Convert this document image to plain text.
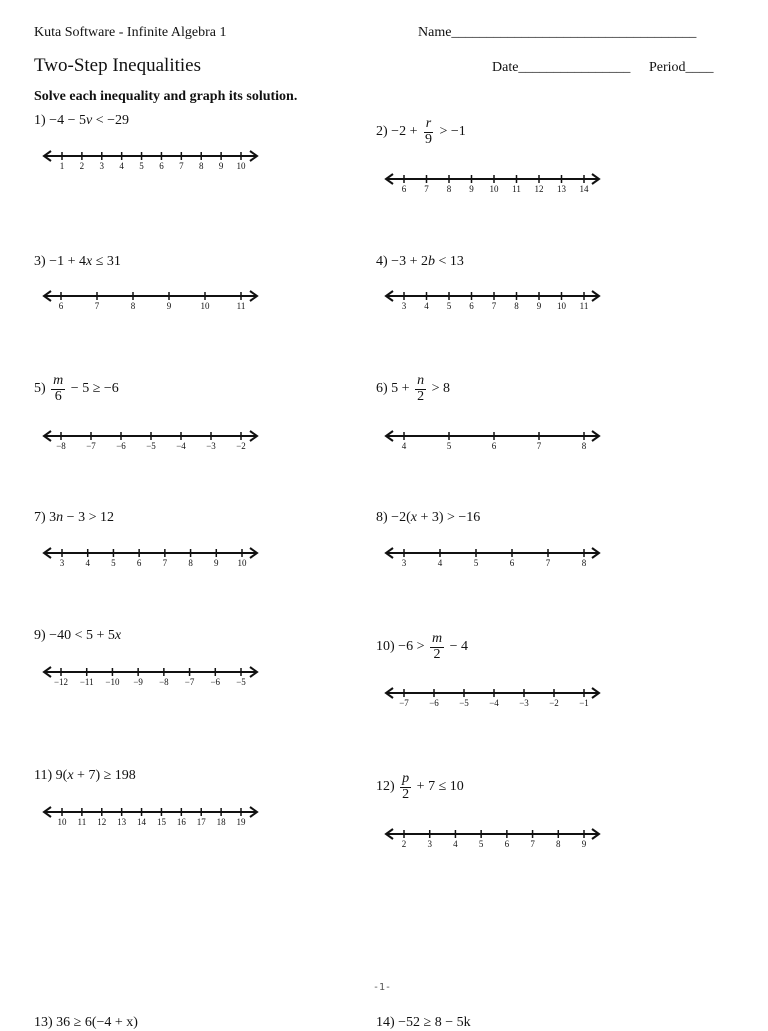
Kuta Software - Infinite Algebra 1	Name___________________________________
Two-Step Inequalities	Date________________ Period____
Solve each inequality and graph its solution.
1) −4 − 5v < −29
1 2 3 4 5 6 7 8 9 10
3) −1 + 4x ≤ 31
6	7	8	9	10	11
$5) \frac{m}{6} - 5 \ge -6$
−8 −7 −6 −5 −4 −3 −2
7) 3n − 3 > 12
3 4 5 6 7 8 9 10
9) −40 < 5 + 5x
−12 −11 −10 −9 −8 −7 −6 −5
11) 9(x + 7) ≥ 198
10 11 12 13 14 15 16 17 18 19
$2) -2 + \frac{r}{9} > -1$
6 7 8 9 10 11 12 13 14
4) −3 + 2b < 13
3 4 5 6 7 8 9 10 11
6) $5 + \frac{n}{2} > 8$
4	5	6	7	8
8) −2(x + 3) > −16
3	4	5	6	7	8
$10) -6 > \frac{m}{2} - 4$
−7 −6 −5 −4 −3 −2 −1
$12) \frac{p}{2} + 7 \le 10$
2 3 4 5 6 7 8 9
-1-
13) 36 ≥ 6(−4 + x)	14) −52 ≥ 8 − 5k
